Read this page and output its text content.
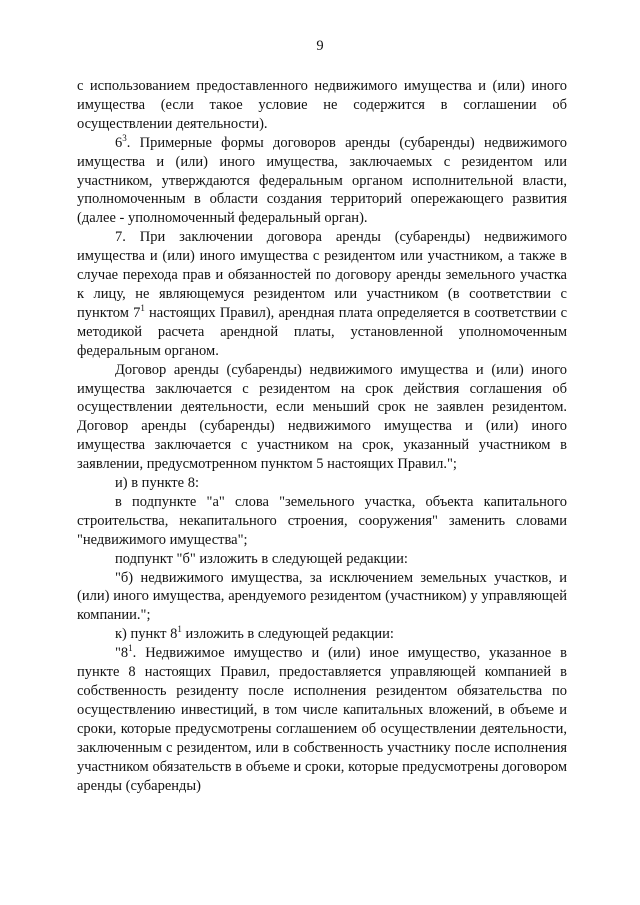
9

с использованием предоставленного недвижимого имущества и (или) иного имущества (если такое условие не содержится в соглашении об осуществлении деятельности).

$6^3$. Примерные формы договоров аренды (субаренды) недвижимого имущества и (или) иного имущества, заключаемых с резидентом или участником, утверждаются федеральным органом исполнительной власти, уполномоченным в области создания территорий опережающего развития (далее - уполномоченный федеральный орган).

7. При заключении договора аренды (субаренды) недвижимого имущества и (или) иного имущества с резидентом или участником, а также в случае перехода прав и обязанностей по договору аренды земельного участка к лицу, не являющемуся резидентом или участником (в соответствии с пунктом $7^1$ настоящих Правил), арендная плата определяется в соответствии с методикой расчета арендной платы, установленной уполномоченным федеральным органом.

Договор аренды (субаренды) недвижимого имущества и (или) иного имущества заключается с резидентом на срок действия соглашения об осуществлении деятельности, если меньший срок не заявлен резидентом. Договор аренды (субаренды) недвижимого имущества и (или) иного имущества заключается с участником на срок, указанный участником в заявлении, предусмотренном пунктом 5 настоящих Правил.";

и) в пункте 8:

в подпункте "а" слова "земельного участка, объекта капитального строительства, некапитального строения, сооружения" заменить словами "недвижимого имущества";

подпункт "б" изложить в следующей редакции:

"б) недвижимого имущества, за исключением земельных участков, и (или) иного имущества, арендуемого резидентом (участником) у управляющей компании.";

к) пункт $8^1$ изложить в следующей редакции:

"$8^1$. Недвижимое имущество и (или) иное имущество, указанное в пункте 8 настоящих Правил, предоставляется управляющей компанией в собственность резиденту после исполнения резидентом обязательства по осуществлению инвестиций, в том числе капитальных вложений, в объеме и сроки, которые предусмотрены соглашением об осуществлении деятельности, заключенным с резидентом, или в собственность участнику после исполнения участником обязательств в объеме и сроки, которые предусмотрены договором аренды (субаренды)
